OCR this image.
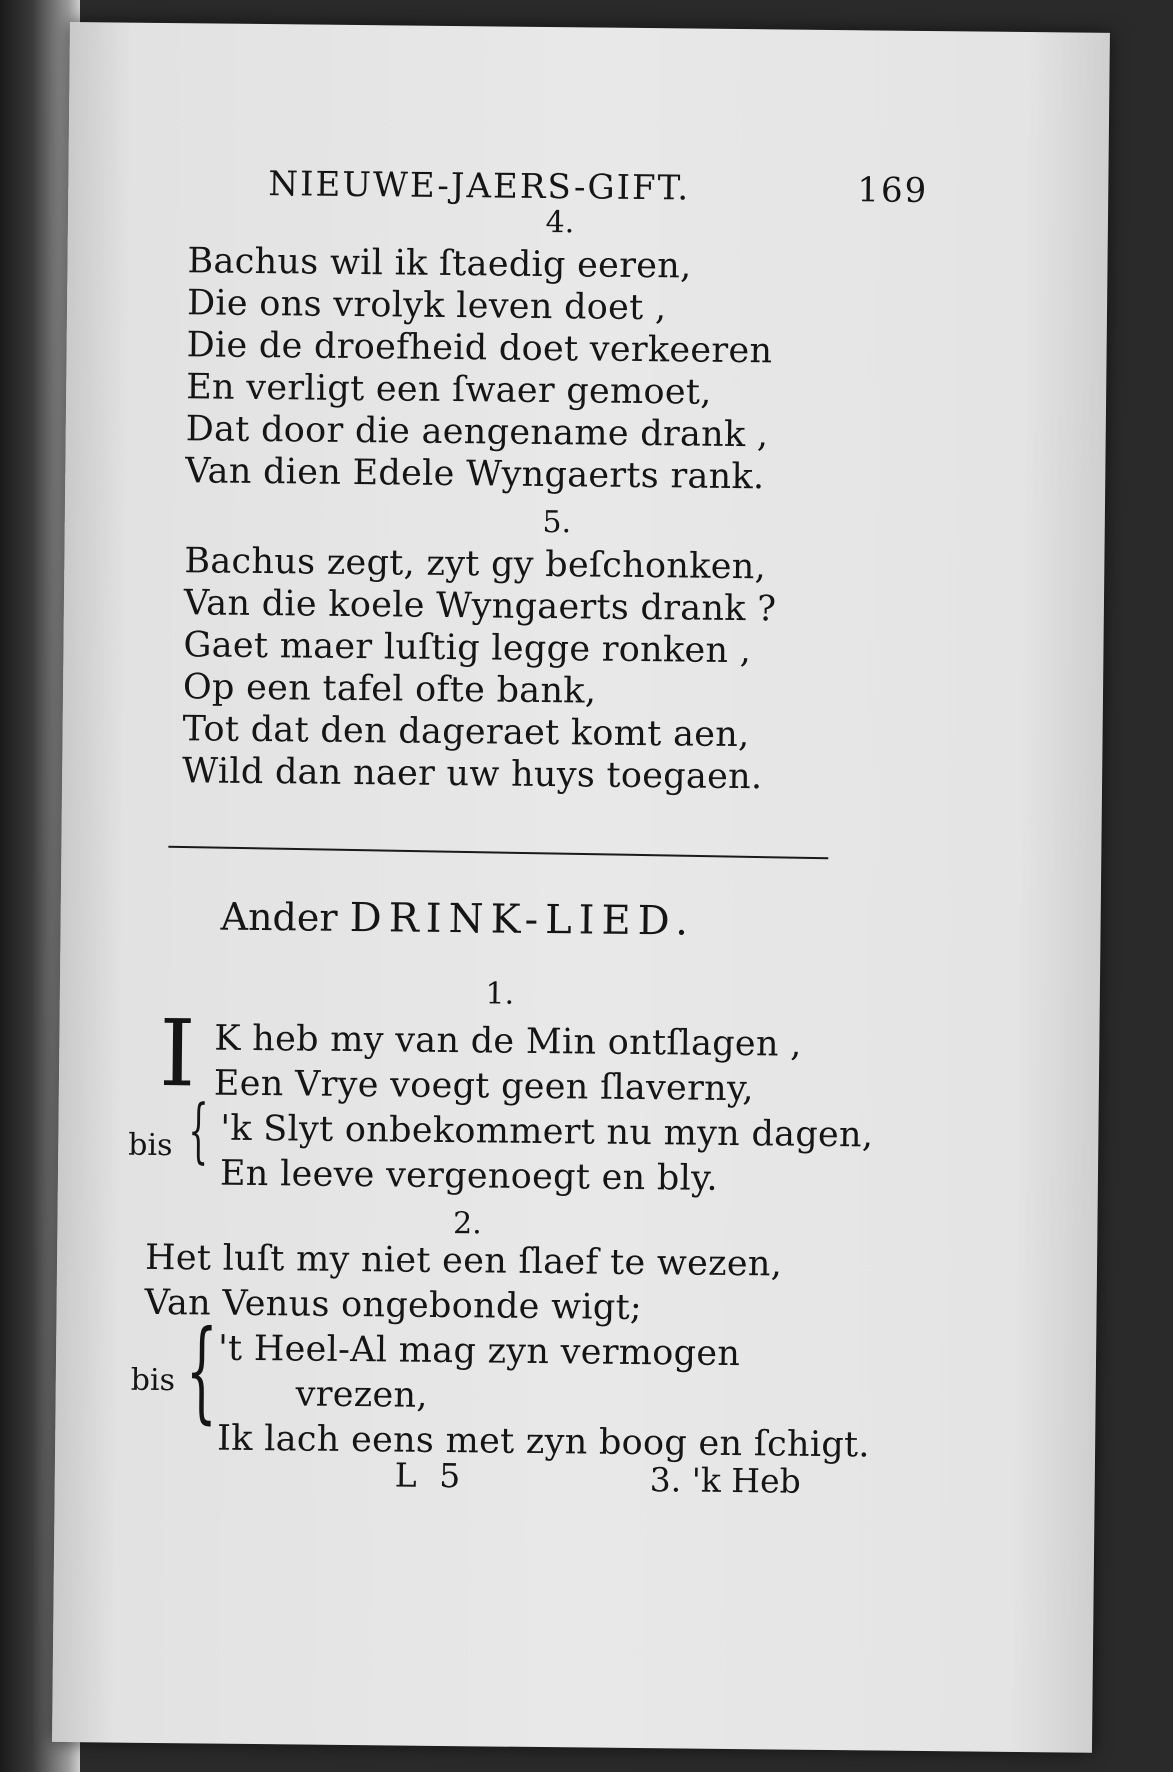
NIEUWE-JAERS-GIFT.	169
4.
Bachus wil ik ſtaedig eeren,
Die ons vrolyk leven doet ,
Die de droefheid doet verkeeren
En verligt een ſwaer gemoet,
Dat door die aengename drank ,
Van dien Edele Wyngaerts rank.
5.
Bachus zegt, zyt gy beſchonken,
Van die koele Wyngaerts drank ?
Gaet maer luſtig legge ronken ,
Op een tafel ofte bank,
Tot dat den dageraet komt aen,
Wild dan naer uw huys toegaen.
Ander DRINK-LIED.
1.
I K heb my van de Min ontſlagen ,
Een Vrye voegt geen ſlaverny,
bis { 'k Slyt onbekommert nu myn dagen,
En leeve vergenoegt en bly.
2.
Het luſt my niet een ſlaef te wezen,
Van Venus ongebonde wigt;
bis { 't Heel-Al mag zyn vermogen
vrezen,
Ik lach eens met zyn boog en ſchigt.
L 5	3. 'k Heb
